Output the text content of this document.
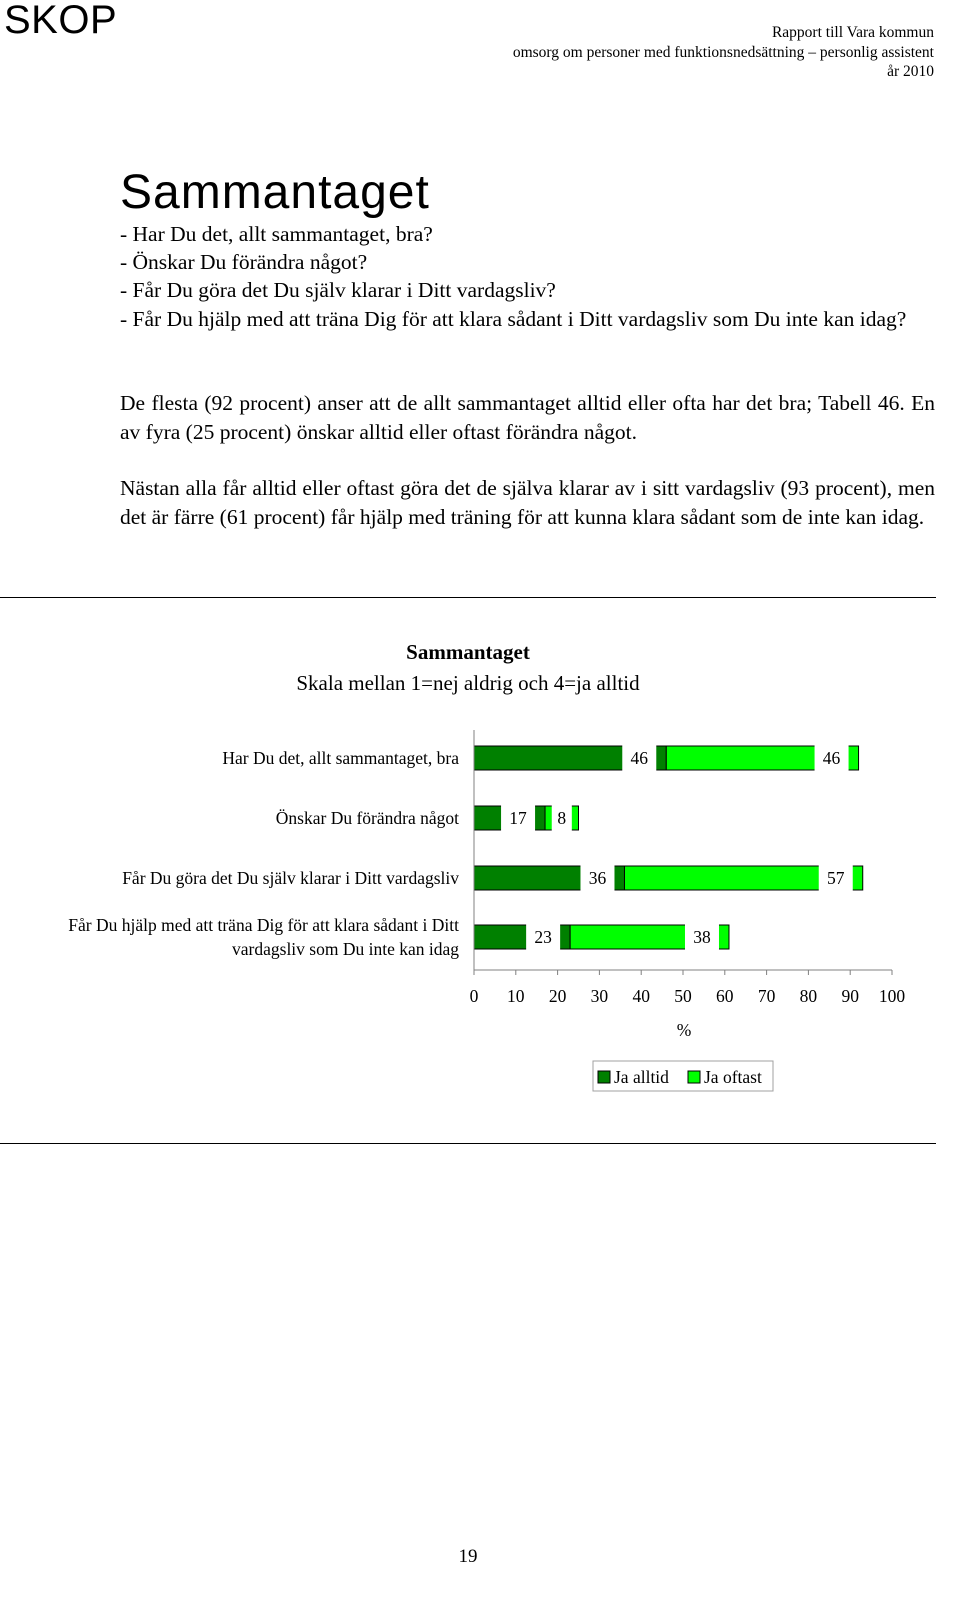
SKOP	Rapport till Vara kommun
omsorg om personer med funktionsnedsättning – personlig assistent
år 2010
Sammantaget
- Har Du det, allt sammantaget, bra?
- Önskar Du förändra något?
- Får Du göra det Du själv klarar i Ditt vardagsliv?
- Får Du hjälp med att träna Dig för att klara sådant i Ditt vardagsliv som Du inte kan idag?

De flesta (92 procent) anser att de allt sammantaget alltid eller ofta har det bra; Tabell 46. En av fyra (25 procent) önskar alltid eller oftast förändra något.

Nästan alla får alltid eller oftast göra det de själva klarar av i sitt vardagsliv (93 procent), men det är färre (61 procent) får hjälp med träning för att kunna klara sådant som de inte kan idag.

Sammantaget
Skala mellan 1=nej aldrig och 4=ja alltid
Har Du det, allt sammantaget, bra
Önskar Du förändra något
Får Du göra det Du själv klarar i Ditt vardagsliv
Får Du hjälp med att träna Dig för att klara sådant i Ditt
vardagsliv som Du inte kan idag
46	46
17 8
36	57
23	38
0 10 20 30 40 50 60 70 80 90 100
%
Ja alltid Ja oftast
19
